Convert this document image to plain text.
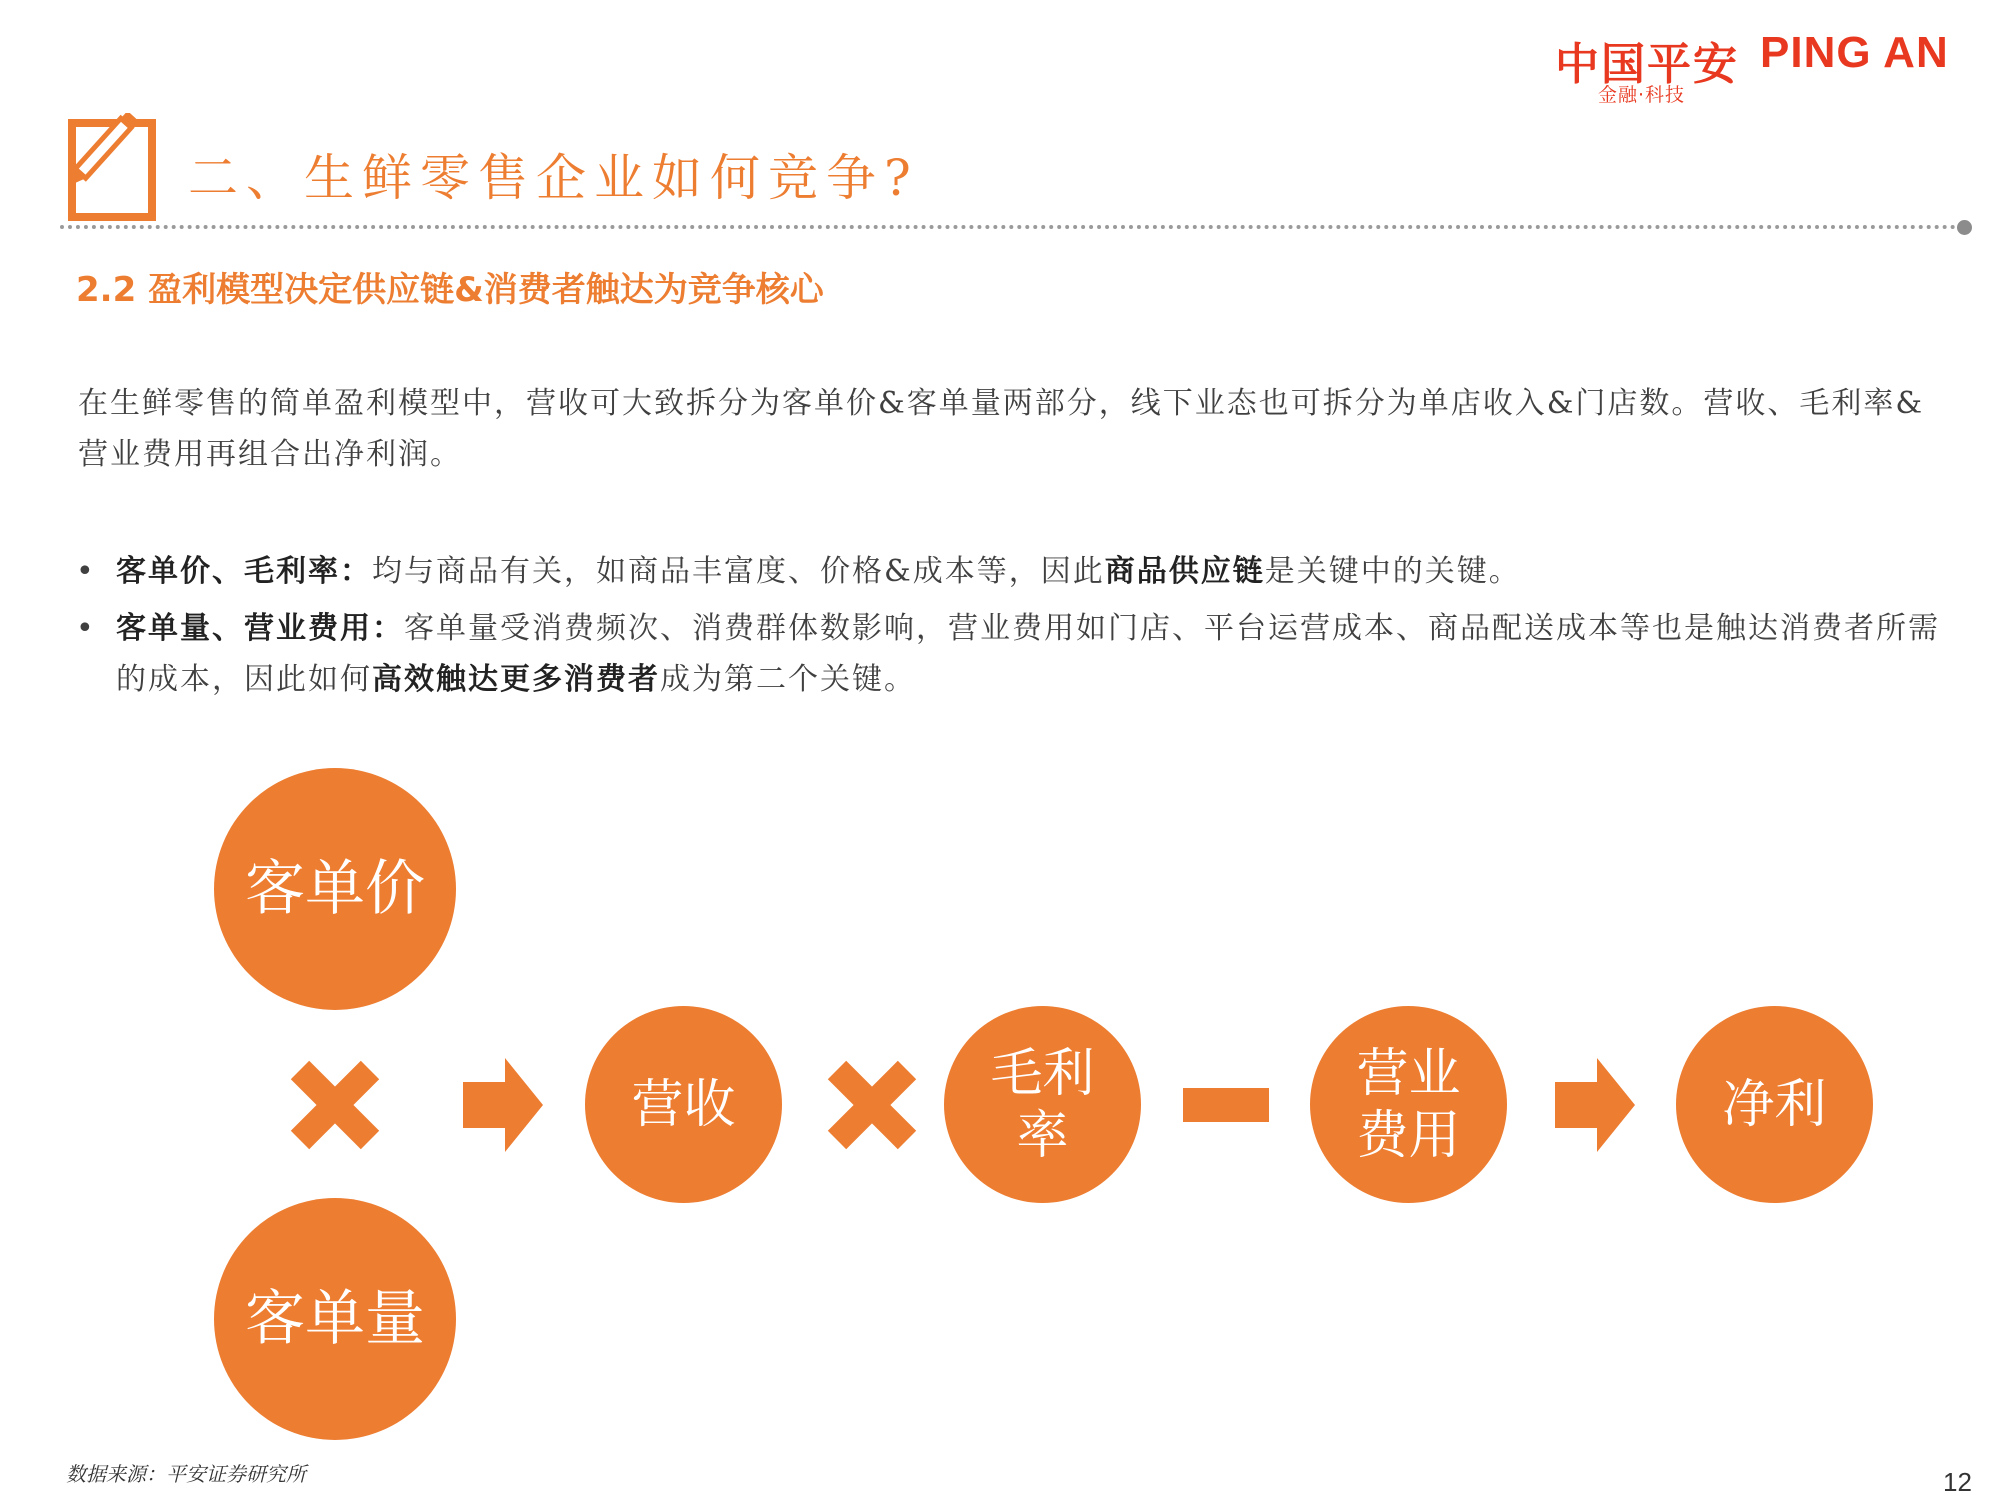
中国平安 PING AN
金融·科技
二、生鲜零售企业如何竞争?
2.2 盈利模型决定供应链&消费者触达为竞争核心
在生鲜零售的简单盈利模型中，营收可大致拆分为客单价&客单量两部分，线下业态也可拆分为单店收入&门店数。营收、毛利率&营业费用再组合出净利润。
• 客单价、毛利率：均与商品有关，如商品丰富度、价格&成本等，因此商品供应链是关键中的关键。
• 客单量、营业费用：客单量受消费频次、消费群体数影响，营业费用如门店、平台运营成本、商品配送成本等也是触达消费者所需的成本，因此如何高效触达更多消费者成为第二个关键。
客单价
客单量
营收
毛利率
营业费用
净利
数据来源：平安证券研究所	12
